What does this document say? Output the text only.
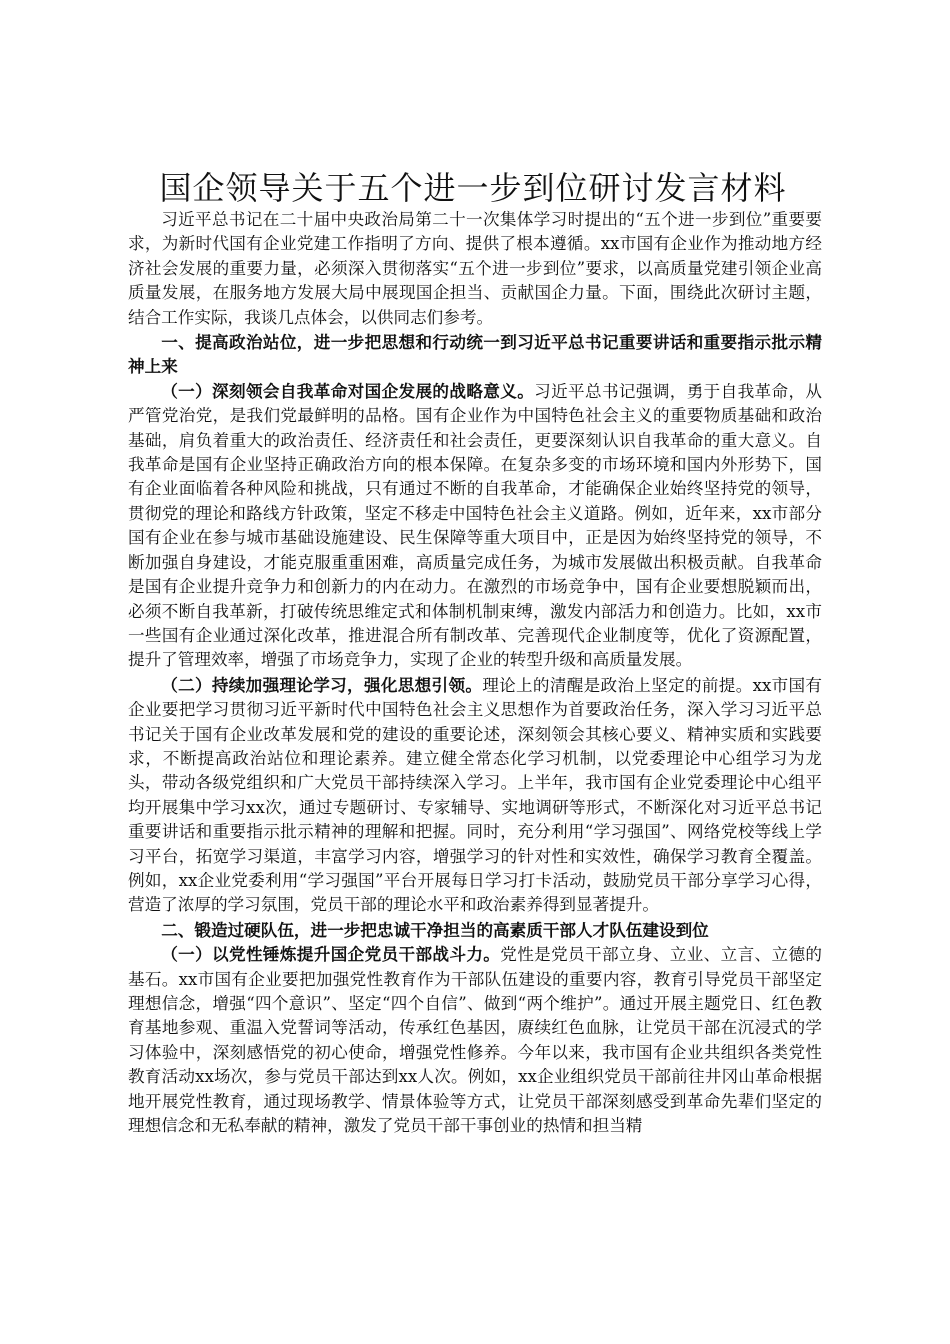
国企领导关于五个进一步到位研讨发言材料

习近平总书记在二十届中央政治局第二十一次集体学习时提出的“五个进一步到位”重要要求，为新时代国有企业党建工作指明了方向、提供了根本遵循。xx市国有企业作为推动地方经济社会发展的重要力量，必须深入贯彻落实“五个进一步到位”要求，以高质量党建引领企业高质量发展，在服务地方发展大局中展现国企担当、贡献国企力量。下面，围绕此次研讨主题，结合工作实际，我谈几点体会，以供同志们参考。

一、提高政治站位，进一步把思想和行动统一到习近平总书记重要讲话和重要指示批示精神上来

（一）深刻领会自我革命对国企发展的战略意义。习近平总书记强调，勇于自我革命，从严管党治党，是我们党最鲜明的品格。国有企业作为中国特色社会主义的重要物质基础和政治基础，肩负着重大的政治责任、经济责任和社会责任，更要深刻认识自我革命的重大意义。自我革命是国有企业坚持正确政治方向的根本保障。在复杂多变的市场环境和国内外形势下，国有企业面临着各种风险和挑战，只有通过不断的自我革命，才能确保企业始终坚持党的领导，贯彻党的理论和路线方针政策，坚定不移走中国特色社会主义道路。例如，近年来，xx市部分国有企业在参与城市基础设施建设、民生保障等重大项目中，正是因为始终坚持党的领导，不断加强自身建设，才能克服重重困难，高质量完成任务，为城市发展做出积极贡献。自我革命是国有企业提升竞争力和创新力的内在动力。在激烈的市场竞争中，国有企业要想脱颖而出，必须不断自我革新，打破传统思维定式和体制机制束缚，激发内部活力和创造力。比如，xx市一些国有企业通过深化改革，推进混合所有制改革、完善现代企业制度等，优化了资源配置，提升了管理效率，增强了市场竞争力，实现了企业的转型升级和高质量发展。

（二）持续加强理论学习，强化思想引领。理论上的清醒是政治上坚定的前提。xx市国有企业要把学习贯彻习近平新时代中国特色社会主义思想作为首要政治任务，深入学习习近平总书记关于国有企业改革发展和党的建设的重要论述，深刻领会其核心要义、精神实质和实践要求，不断提高政治站位和理论素养。建立健全常态化学习机制，以党委理论中心组学习为龙头，带动各级党组织和广大党员干部持续深入学习。上半年，我市国有企业党委理论中心组平均开展集中学习xx次，通过专题研讨、专家辅导、实地调研等形式，不断深化对习近平总书记重要讲话和重要指示批示精神的理解和把握。同时，充分利用“学习强国”、网络党校等线上学习平台，拓宽学习渠道，丰富学习内容，增强学习的针对性和实效性，确保学习教育全覆盖。例如，xx企业党委利用“学习强国”平台开展每日学习打卡活动，鼓励党员干部分享学习心得，营造了浓厚的学习氛围，党员干部的理论水平和政治素养得到显著提升。

二、锻造过硬队伍，进一步把忠诚干净担当的高素质干部人才队伍建设到位

（一）以党性锤炼提升国企党员干部战斗力。党性是党员干部立身、立业、立言、立德的基石。xx市国有企业要把加强党性教育作为干部队伍建设的重要内容，教育引导党员干部坚定理想信念，增强“四个意识”、坚定“四个自信”、做到“两个维护”。通过开展主题党日、红色教育基地参观、重温入党誓词等活动，传承红色基因，赓续红色血脉，让党员干部在沉浸式的学习体验中，深刻感悟党的初心使命，增强党性修养。今年以来，我市国有企业共组织各类党性教育活动xx场次，参与党员干部达到xx人次。例如，xx企业组织党员干部前往井冈山革命根据地开展党性教育，通过现场教学、情景体验等方式，让党员干部深刻感受到革命先辈们坚定的理想信念和无私奉献的精神，激发了党员干部干事创业的热情和担当精
